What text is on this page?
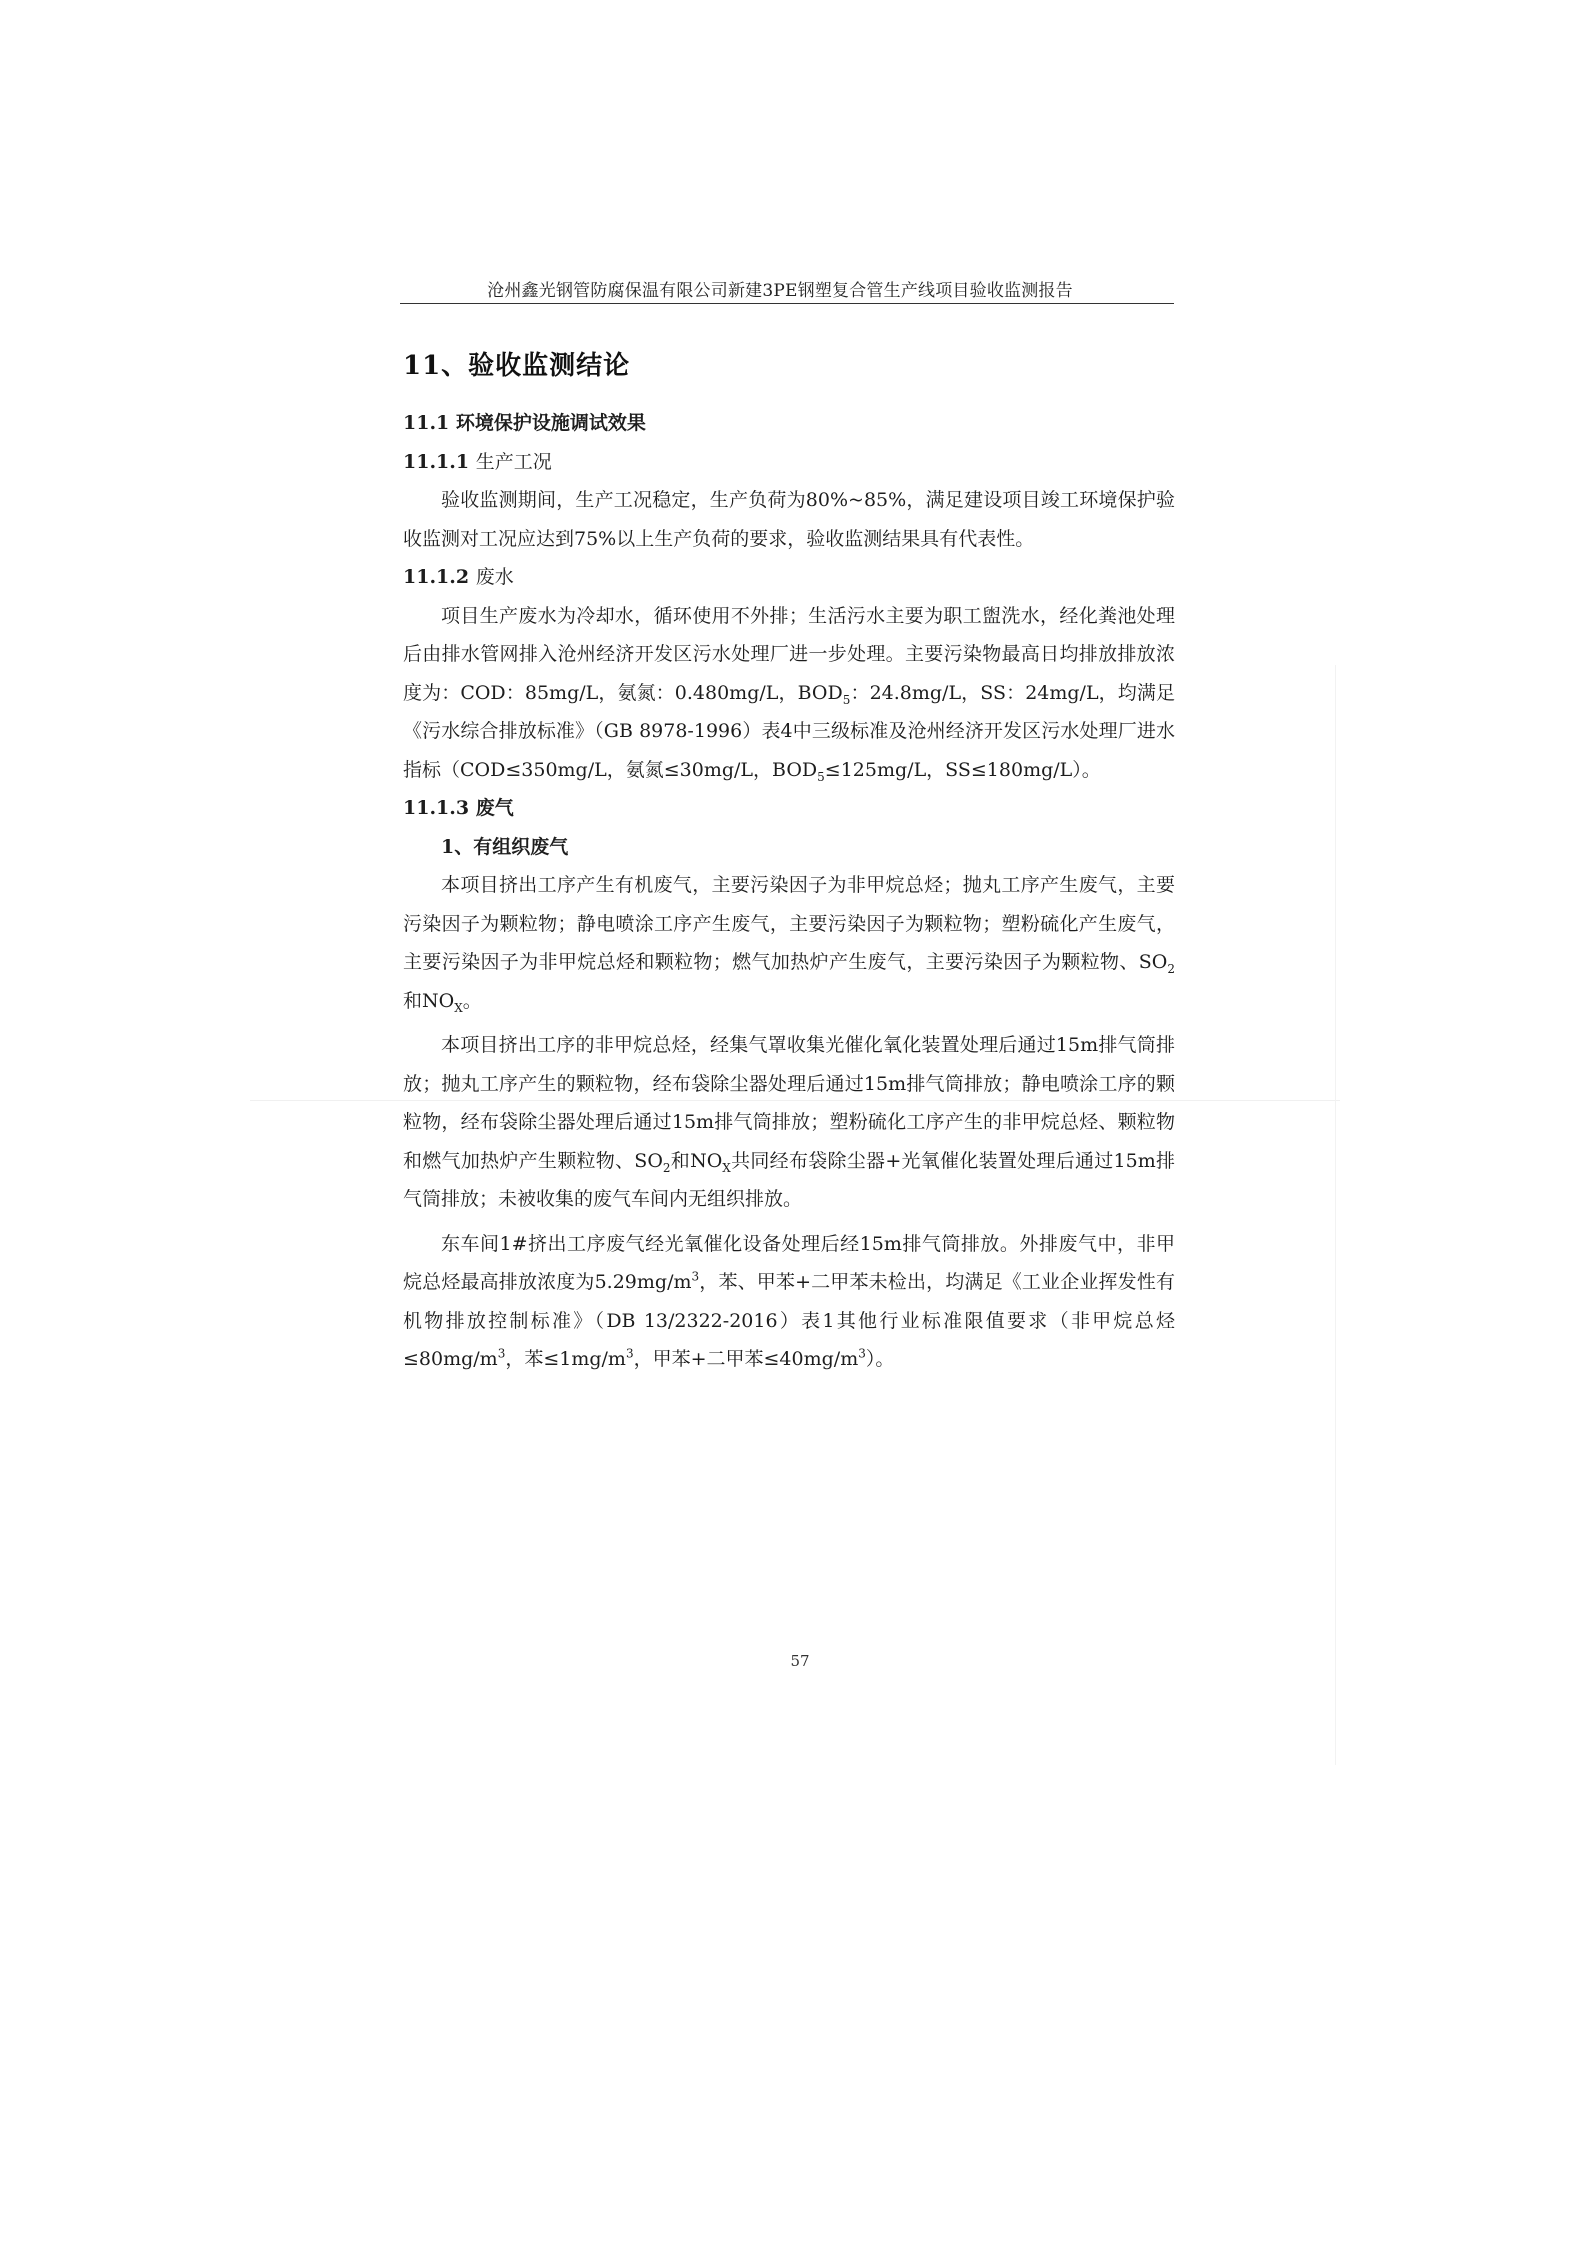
沧州鑫光钢管防腐保温有限公司新建3PE钢塑复合管生产线项目验收监测报告
11、验收监测结论

11.1 环境保护设施调试效果

11.1.1 生产工况

验收监测期间，生产工况稳定，生产负荷为80%~85%，满足建设项目竣工环境保护验收监测对工况应达到75%以上生产负荷的要求，验收监测结果具有代表性。

11.1.2 废水

项目生产废水为冷却水，循环使用不外排；生活污水主要为职工盥洗水，经化粪池处理后由排水管网排入沧州经济开发区污水处理厂进一步处理。主要污染物最高日均排放排放浓度为：COD：85mg/L，氨氮：0.480mg/L，$BOD_5$：24.8mg/L，SS：24mg/L，均满足《污水综合排放标准》（GB 8978-1996）表4中三级标准及沧州经济开发区污水处理厂进水指标（COD≤350mg/L，氨氮≤30mg/L，$BOD_5\le 125mg/L$，SS≤180mg/L）。

11.1.3 废气

1、有组织废气

本项目挤出工序产生有机废气，主要污染因子为非甲烷总烃；抛丸工序产生废气，主要污染因子为颗粒物；静电喷涂工序产生废气，主要污染因子为颗粒物；塑粉硫化产生废气，主要污染因子为非甲烷总烃和颗粒物；燃气加热炉产生废气，主要污染因子为颗粒物、$SO_2$和$NO_X$。

本项目挤出工序的非甲烷总烃，经集气罩收集光催化氧化装置处理后通过15m排气筒排放；抛丸工序产生的颗粒物，经布袋除尘器处理后通过15m排气筒排放；静电喷涂工序的颗粒物，经布袋除尘器处理后通过15m排气筒排放；塑粉硫化工序产生的非甲烷总烃、颗粒物和燃气加热炉产生颗粒物、$SO_2$和$NO_X$共同经布袋除尘器+光氧催化装置处理后通过15m排气筒排放；未被收集的废气车间内无组织排放。

东车间1#挤出工序废气经光氧催化设备处理后经15m排气筒排放。外排废气中，非甲烷总烃最高排放浓度为$5.29mg/m^3$，苯、甲苯+二甲苯未检出，均满足《工业企业挥发性有机物排放控制标准》（DB 13/2322-2016）表1其他行业标准限值要求（非甲烷总烃$\le 80mg/m^3$，苯$\le 1mg/m^3$，甲苯+二甲苯$\le 40mg/m^3$）。

57
